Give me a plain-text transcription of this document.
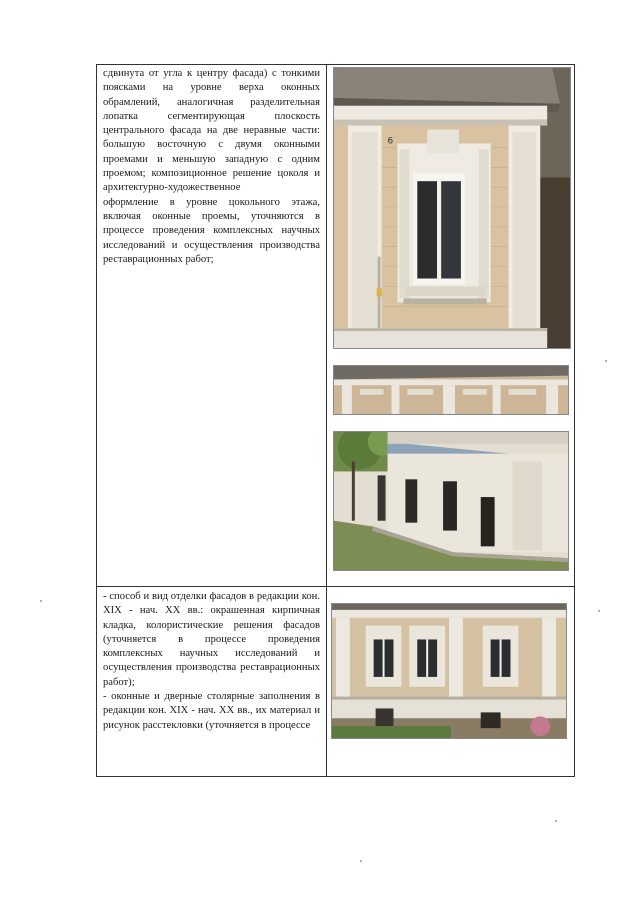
сдвинута от угла к центру фасада) с тонкими поясками на уровне верха оконных обрамлений, аналогичная разделительная лопатка сегментирующая плоскость центрального фасада на две неравные части: большую восточную с двумя оконными проемами и меньшую западную с одним проемом; композиционное решение цоколя и архитектурно-художественное
оформление в уровне цокольного этажа, включая оконные проемы, уточняются в процессе проведения комплексных научных исследований и осуществления производства реставрационных работ;
6
- способ и вид отделки фасадов в редакции кон. XIX - нач. XX вв.: окрашенная кирпичная кладка, колористические решения фасадов (уточняется в процессе проведения комплексных научных исследований и осуществления производства реставрационных работ);
- оконные и дверные столярные заполнения в редакции кон. XIX - нач. XX вв., их материал и рисунок расстекловки (уточняется в процессе
